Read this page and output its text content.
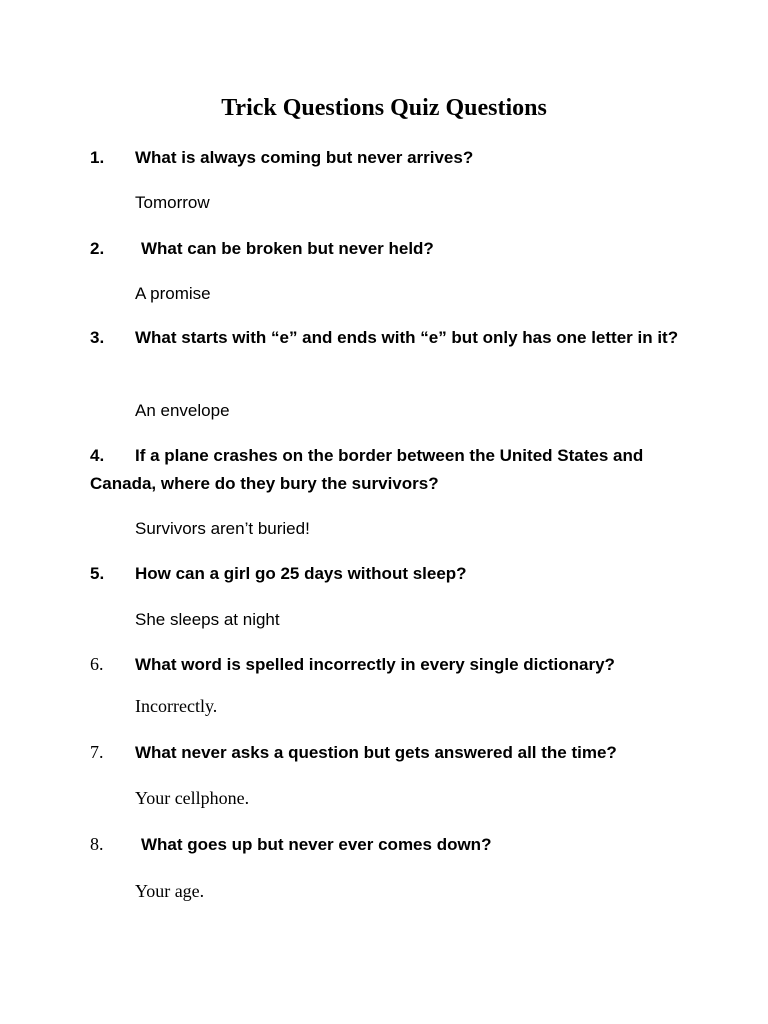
Trick Questions Quiz Questions
1. What is always coming but never arrives?
Tomorrow
2. What can be broken but never held?
A promise
3. What starts with “e” and ends with “e” but only has one letter in it?
An envelope
4. If a plane crashes on the border between the United States and Canada, where do they bury the survivors?
Survivors aren’t buried!
5. How can a girl go 25 days without sleep?
She sleeps at night
6. What word is spelled incorrectly in every single dictionary?
Incorrectly.
7. What never asks a question but gets answered all the time?
Your cellphone.
8. What goes up but never ever comes down?
Your age.
